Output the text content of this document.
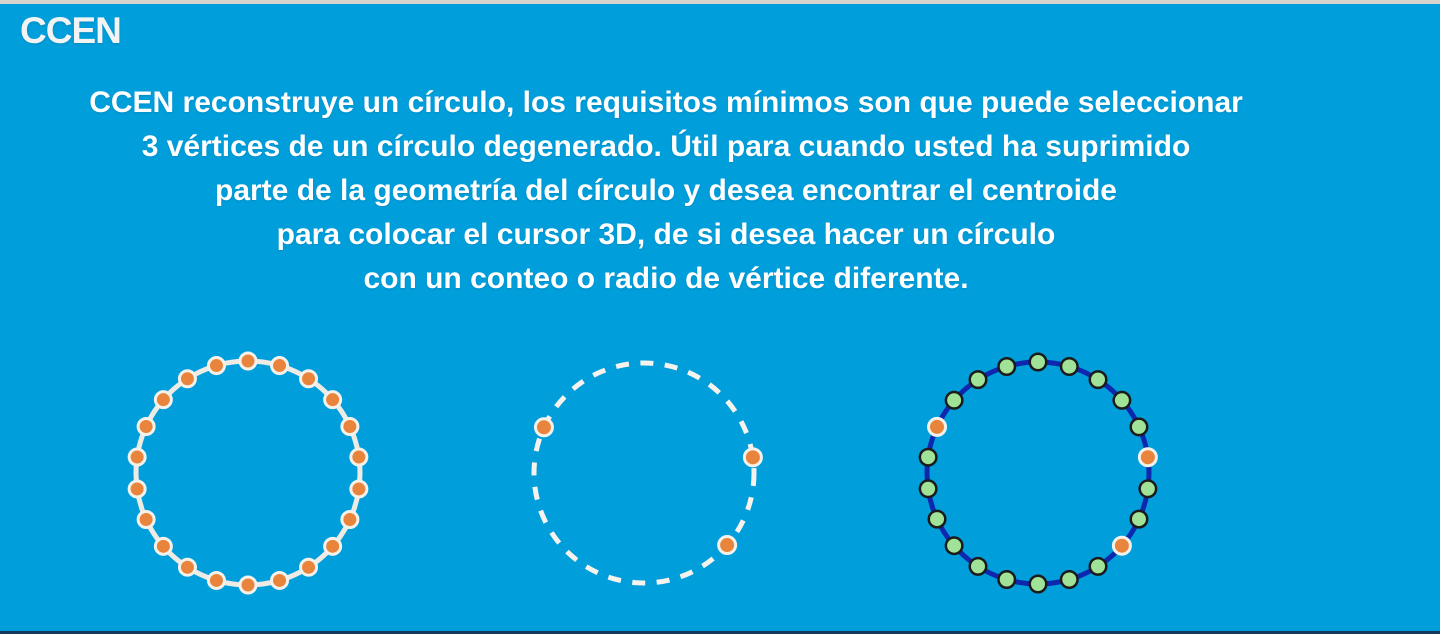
CCEN
CCEN reconstruye un círculo, los requisitos mínimos son que puede seleccionar
3 vértices de un círculo degenerado. Útil para cuando usted ha suprimido
parte de la geometría del círculo y desea encontrar el centroide
para colocar el cursor 3D, de si desea hacer un círculo
con un conteo o radio de vértice diferente.
